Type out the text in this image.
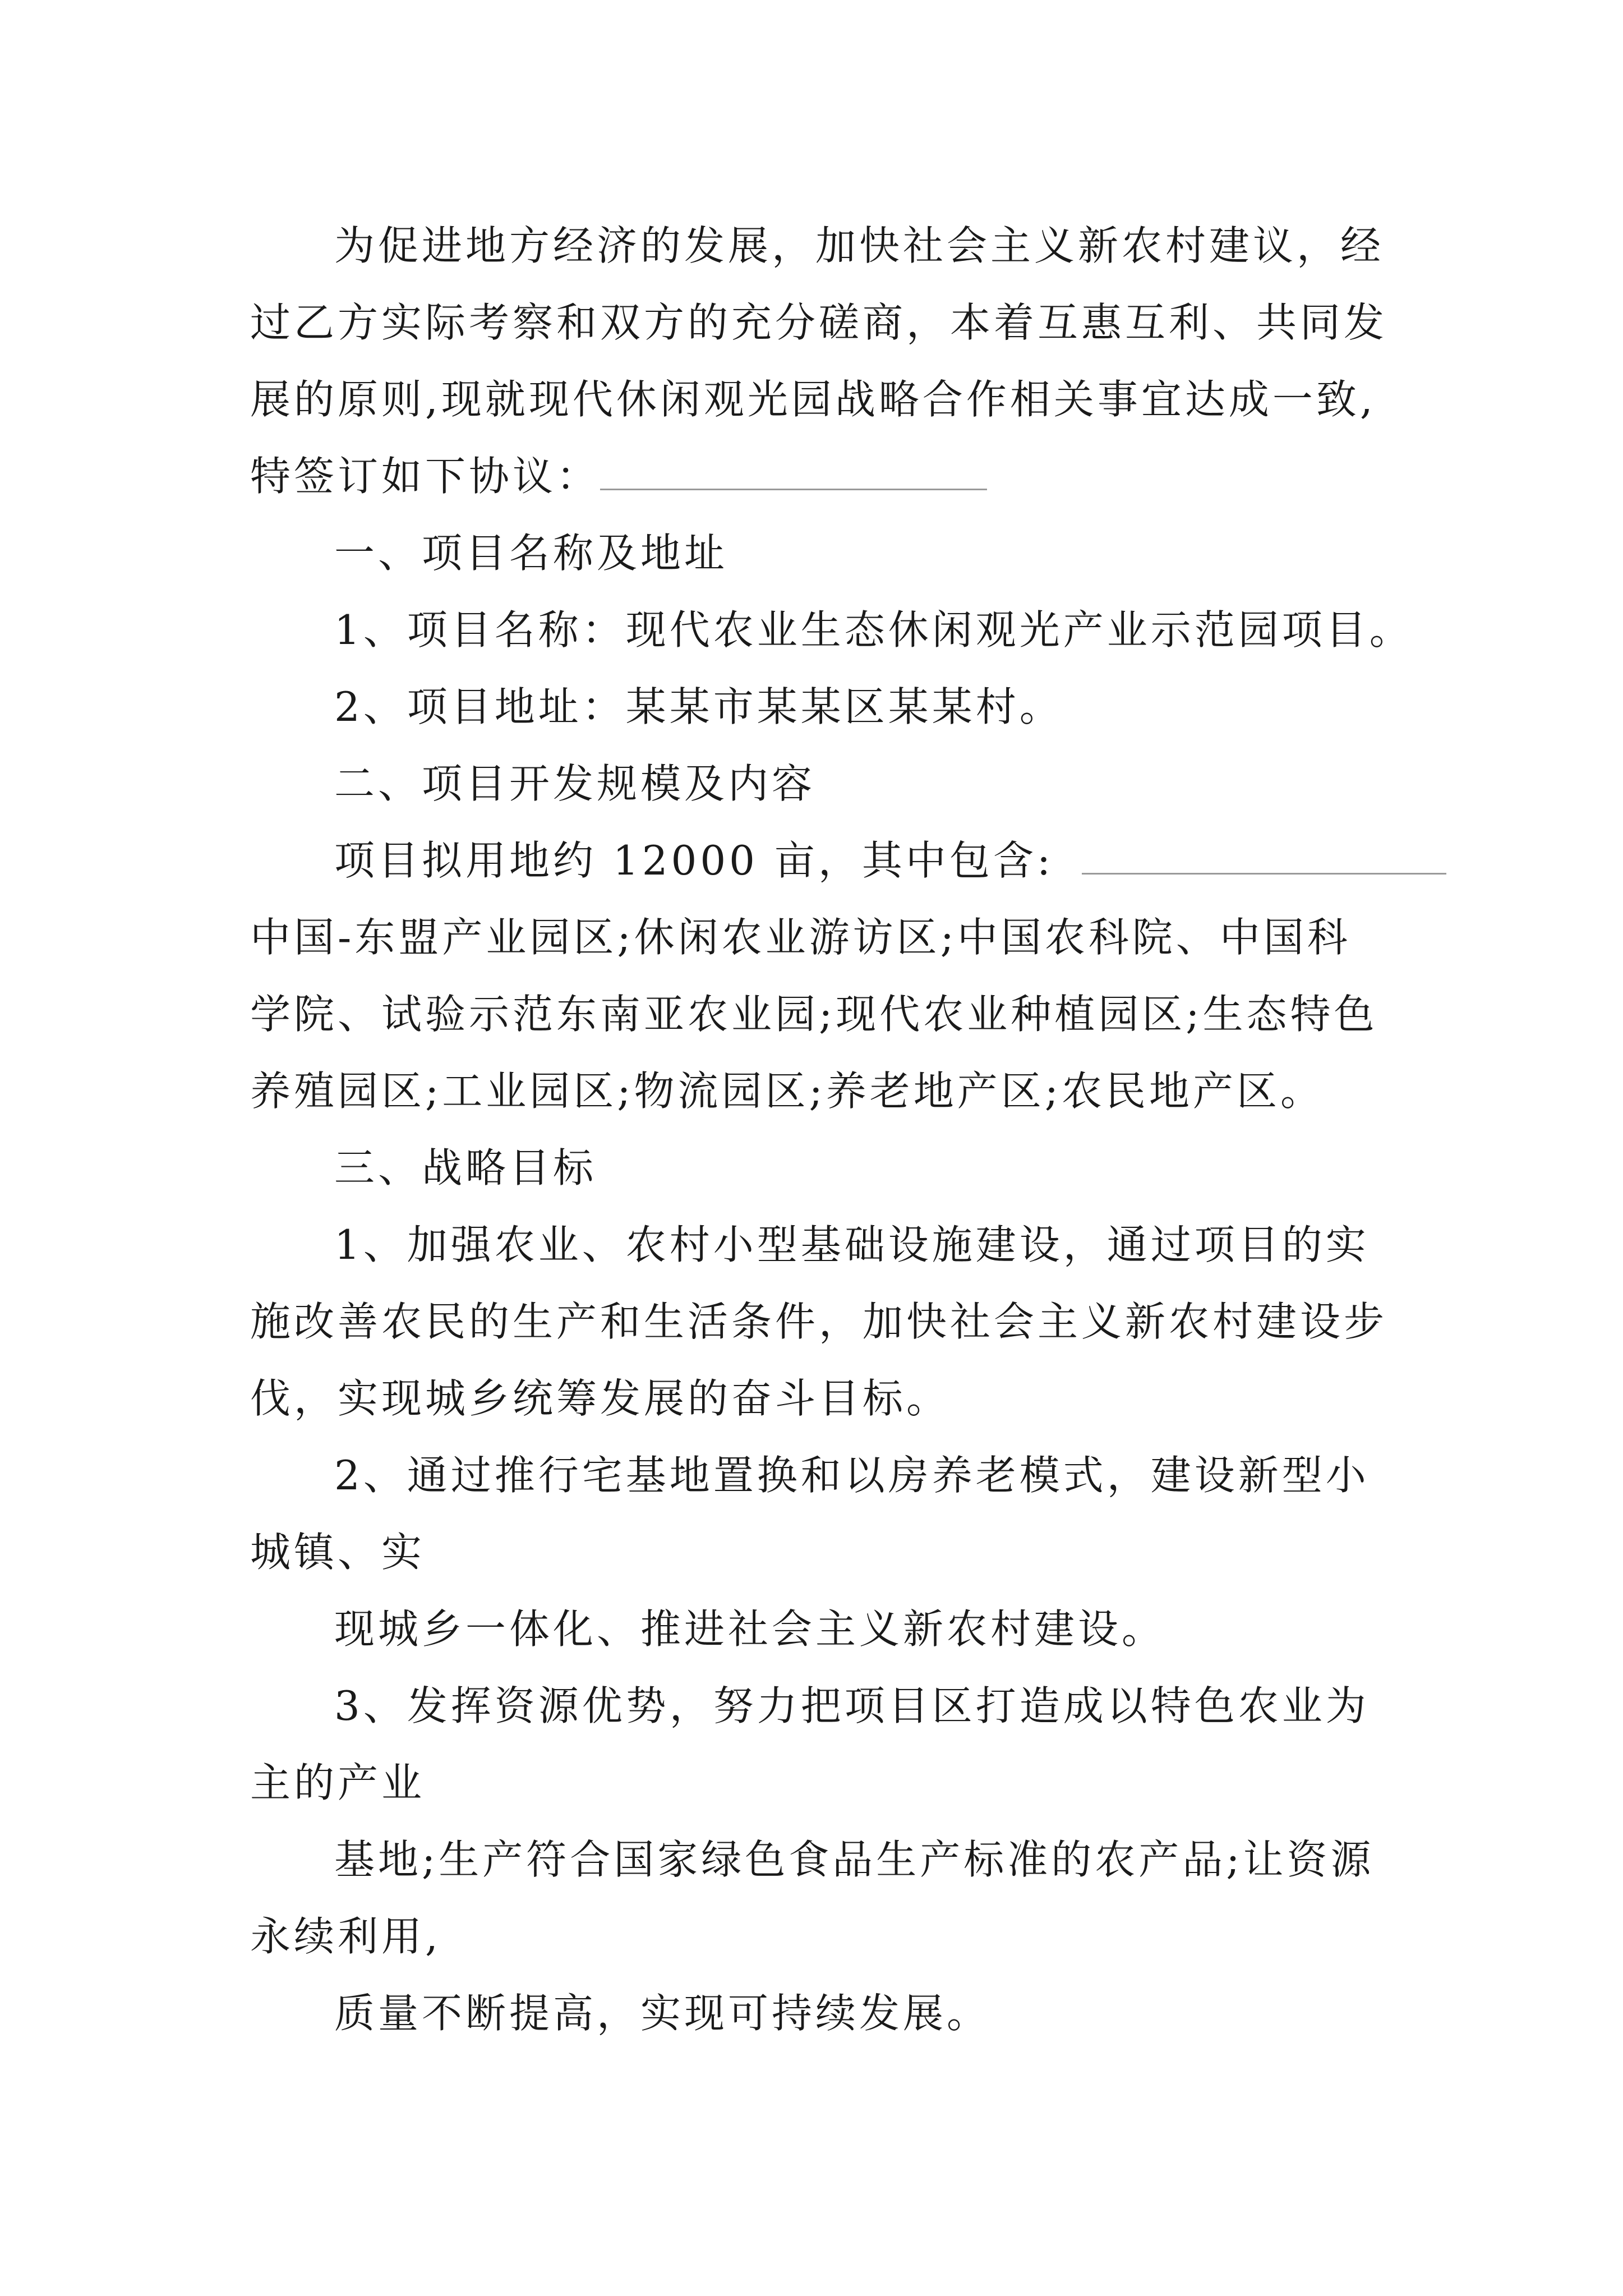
为促进地方经济的发展，加快社会主义新农村建议，经
过乙方实际考察和双方的充分磋商，本着互惠互利、共同发
展的原则,现就现代休闲观光园战略合作相关事宜达成一致,
特签订如下协议：
一、项目名称及地址
1、项目名称：现代农业生态休闲观光产业示范园项目。
2、项目地址：某某市某某区某某村。
二、项目开发规模及内容
项目拟用地约 12000 亩，其中包含:
中国-东盟产业园区;休闲农业游访区;中国农科院、中国科
学院、试验示范东南亚农业园;现代农业种植园区;生态特色
养殖园区;工业园区;物流园区;养老地产区;农民地产区。
三、战略目标
1、加强农业、农村小型基础设施建设，通过项目的实
施改善农民的生产和生活条件，加快社会主义新农村建设步
伐，实现城乡统筹发展的奋斗目标。
2、通过推行宅基地置换和以房养老模式，建设新型小
城镇、实
现城乡一体化、推进社会主义新农村建设。
3、发挥资源优势，努力把项目区打造成以特色农业为
主的产业
基地;生产符合国家绿色食品生产标准的农产品;让资源
永续利用,
质量不断提高，实现可持续发展。
